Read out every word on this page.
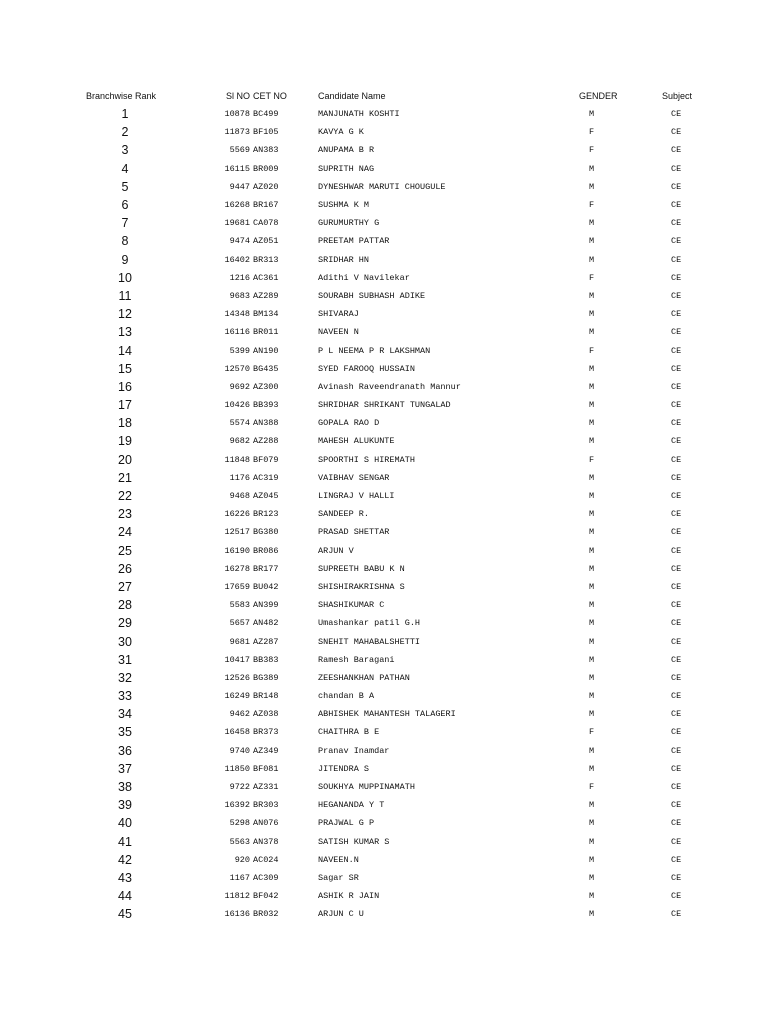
Branchwise Rank	Sl NO	CET NO	Candidate Name	GENDER	Subject
1	10878	BC499	MANJUNATH KOSHTI	M	CE
2	11873	BF105	KAVYA G K	F	CE
3	5569	AN383	ANUPAMA B R	F	CE
4	16115	BR009	SUPRITH NAG	M	CE
5	9447	AZ020	DYNESHWAR MARUTI CHOUGULE	M	CE
6	16268	BR167	SUSHMA K M	F	CE
7	19681	CA078	GURUMURTHY G	M	CE
8	9474	AZ051	PREETAM PATTAR	M	CE
9	16402	BR313	SRIDHAR HN	M	CE
10	1216	AC361	Adithi V Navilekar	F	CE
11	9683	AZ289	SOURABH SUBHASH ADIKE	M	CE
12	14348	BM134	SHIVARAJ	M	CE
13	16116	BR011	NAVEEN N	M	CE
14	5399	AN190	P L NEEMA P R LAKSHMAN	F	CE
15	12570	BG435	SYED FAROOQ HUSSAIN	M	CE
16	9692	AZ300	Avinash Raveendranath Mannur	M	CE
17	10426	BB393	SHRIDHAR SHRIKANT TUNGALAD	M	CE
18	5574	AN388	GOPALA RAO D	M	CE
19	9682	AZ288	MAHESH ALUKUNTE	M	CE
20	11848	BF079	SPOORTHI S HIREMATH	F	CE
21	1176	AC319	VAIBHAV SENGAR	M	CE
22	9468	AZ045	LINGRAJ V HALLI	M	CE
23	16226	BR123	SANDEEP R.	M	CE
24	12517	BG380	PRASAD SHETTAR	M	CE
25	16190	BR086	ARJUN V	M	CE
26	16278	BR177	SUPREETH BABU K N	M	CE
27	17659	BU042	SHISHIRAKRISHNA S	M	CE
28	5583	AN399	SHASHIKUMAR C	M	CE
29	5657	AN482	Umashankar patil G.H	M	CE
30	9681	AZ287	SNEHIT MAHABALSHETTI	M	CE
31	10417	BB383	Ramesh Baragani	M	CE
32	12526	BG389	ZEESHANKHAN PATHAN	M	CE
33	16249	BR148	chandan B A	M	CE
34	9462	AZ038	ABHISHEK MAHANTESH TALAGERI	M	CE
35	16458	BR373	CHAITHRA B E	F	CE
36	9740	AZ349	Pranav Inamdar	M	CE
37	11850	BF081	JITENDRA S	M	CE
38	9722	AZ331	SOUKHYA MUPPINAMATH	F	CE
39	16392	BR303	HEGANANDA Y T	M	CE
40	5298	AN076	PRAJWAL G P	M	CE
41	5563	AN378	SATISH KUMAR S	M	CE
42	920	AC024	NAVEEN.N	M	CE
43	1167	AC309	Sagar SR	M	CE
44	11812	BF042	ASHIK R JAIN	M	CE
45	16136	BR032	ARJUN C U	M	CE
